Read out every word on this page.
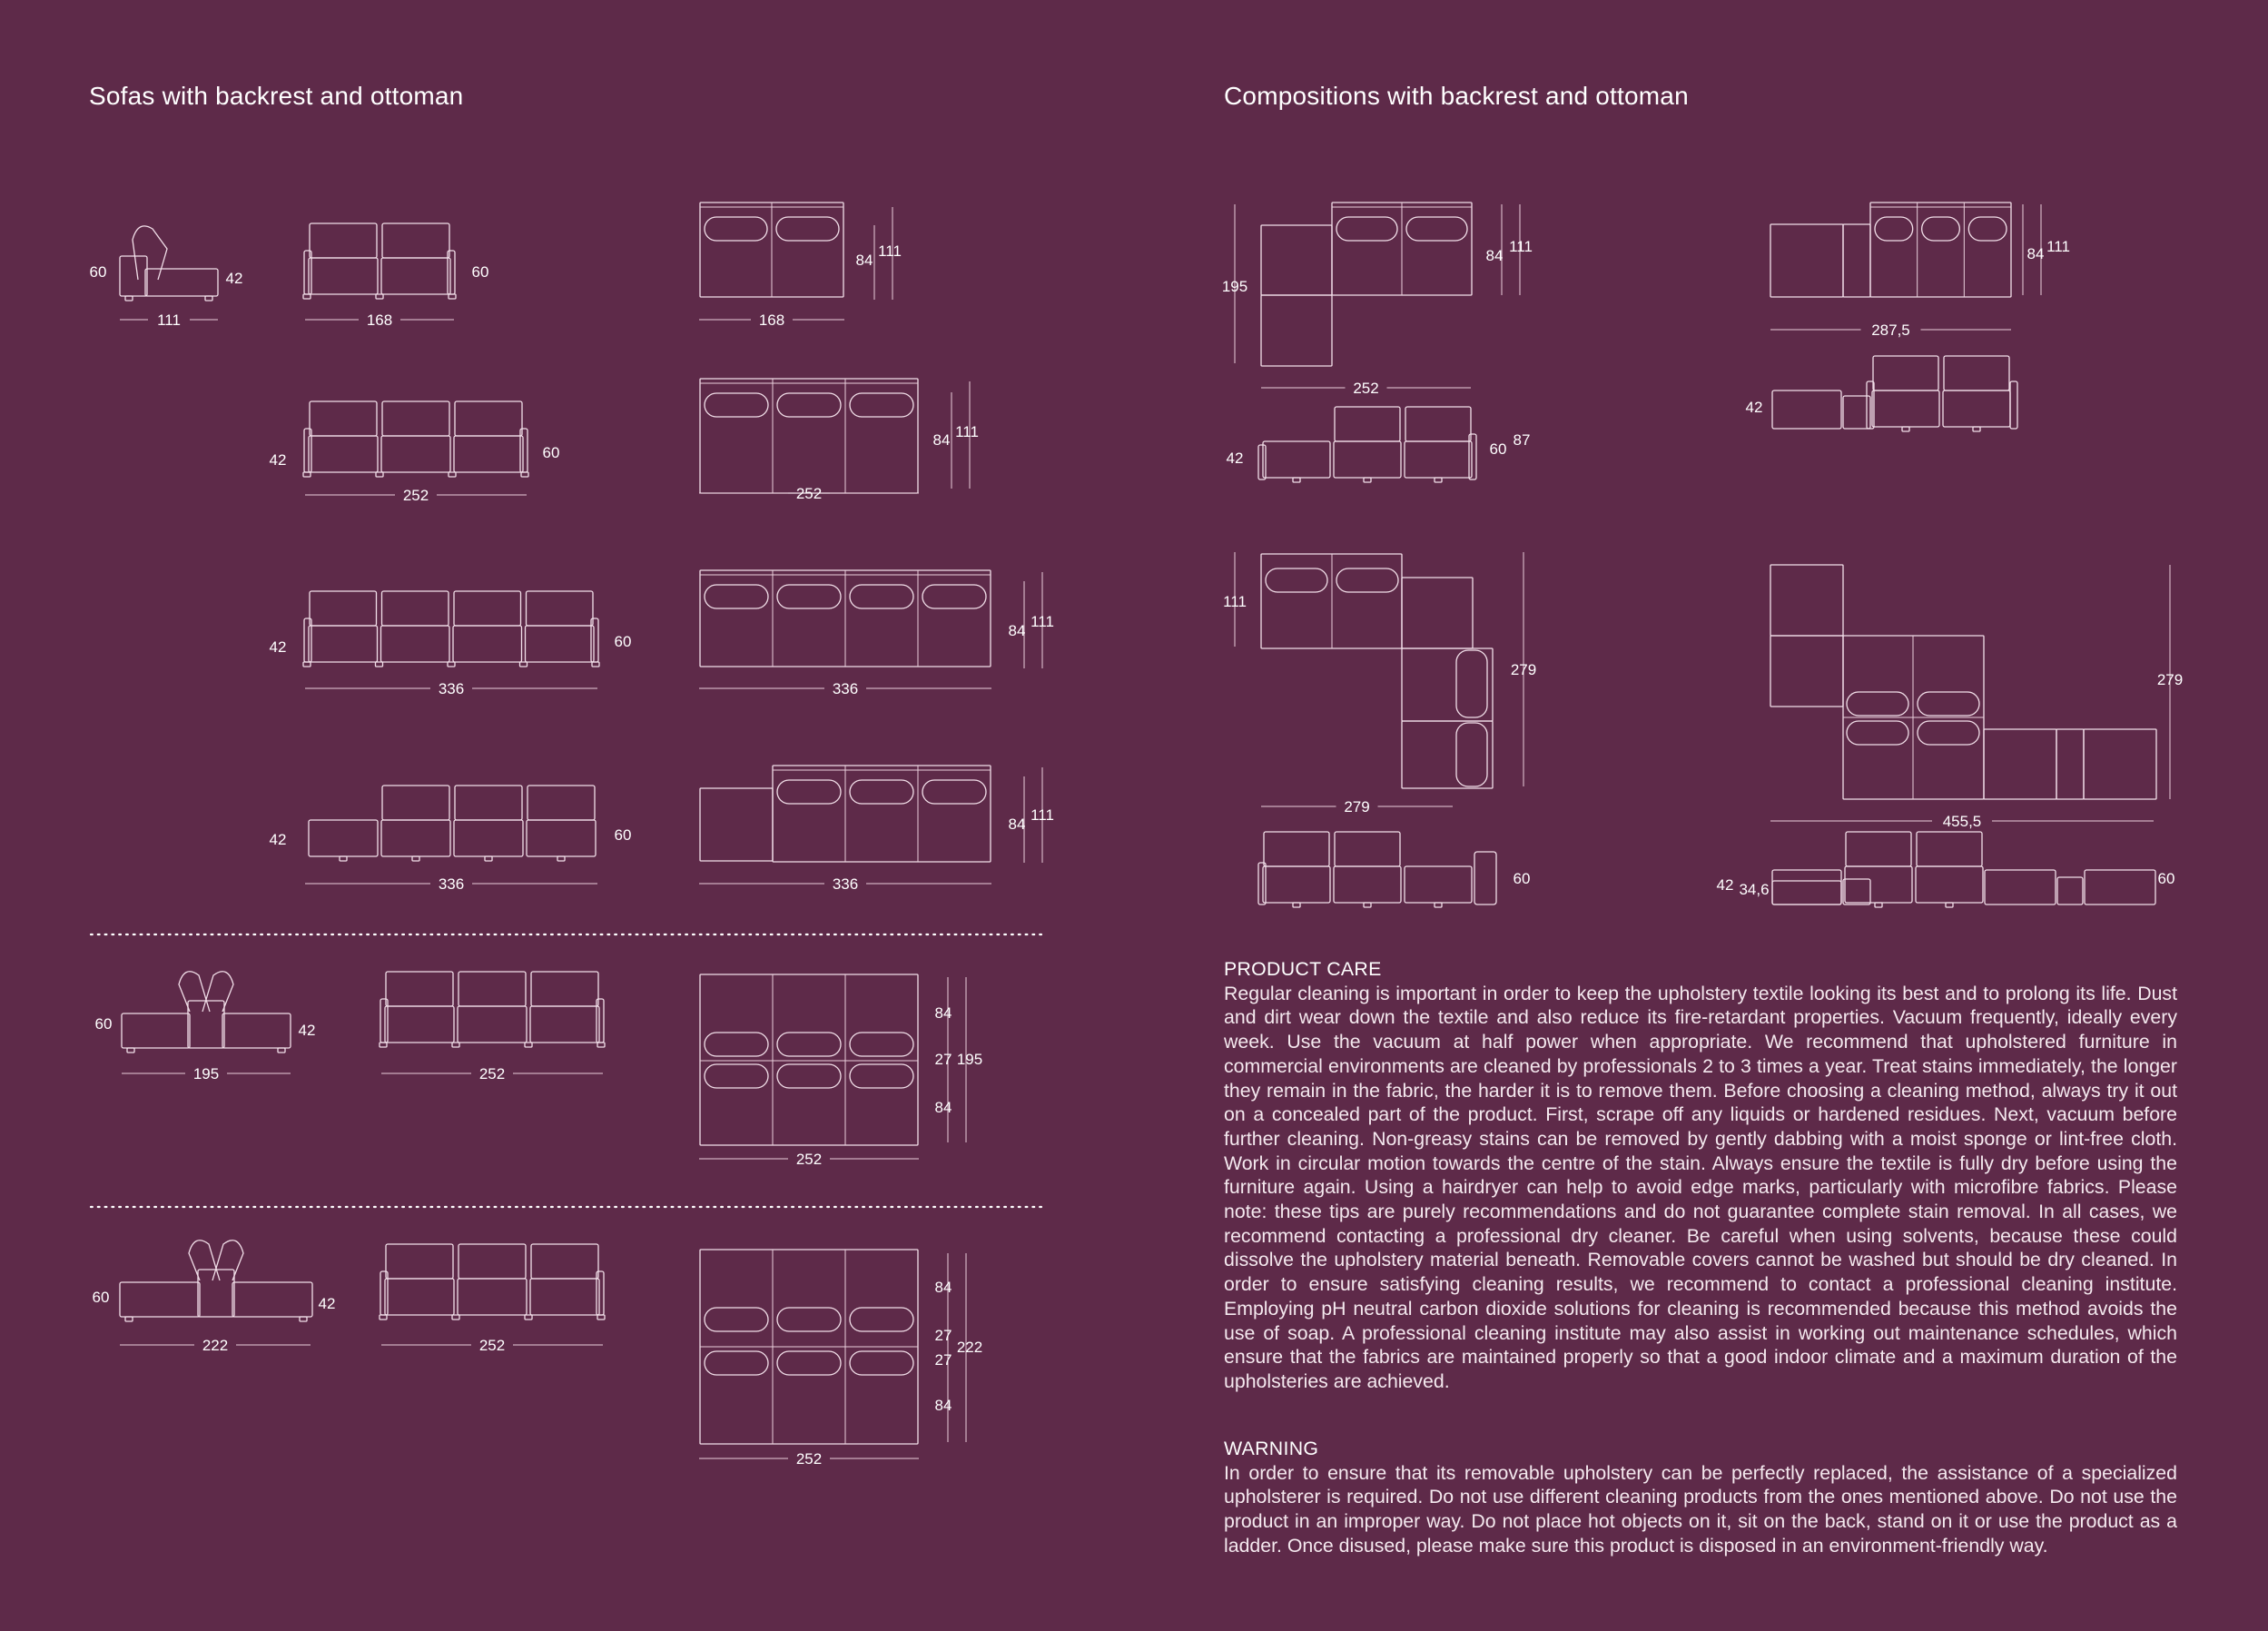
Sofas with backrest and ottoman	Compositions with backrest and ottoman
60	42
111
60
168
84
111
168
42	60
252
84 111
252
42	60
336
84
111
336
42	60
336
84
111
336
60	42
195	252
84
27 195
84
252
60	42
222	252
84
27
27
222
84
252
195
84
111
252
42
60
87
84 111
287,5
42
111
279
279
60
279
455,5
42 34,6
60
PRODUCT CARE

Regular cleaning is important in order to keep the upholstery textile looking its best and to prolong its life. Dust and dirt wear down the textile and also reduce its fire-retardant properties. Vacuum frequently, ideally every week. Use the vacuum at half power when appropriate. We recommend that upholstered furniture in commercial environments are cleaned by professionals 2 to 3 times a year. Treat stains immediately, the longer they remain in the fabric, the harder it is to remove them. Before choosing a cleaning method, always try it out on a concealed part of the product. First, scrape off any liquids or hardened residues. Next, vacuum before further cleaning. Non-greasy stains can be removed by gently dabbing with a moist sponge or lint-free cloth. Work in circular motion towards the centre of the stain. Always ensure the textile is fully dry before using the furniture again. Using a hairdryer can help to avoid edge marks, particularly with microfibre fabrics. Please note: these tips are purely recommendations and do not guarantee complete stain removal. In all cases, we recommend contacting a professional dry cleaner. Be careful when using solvents, because these could dissolve the upholstery material beneath. Removable covers cannot be washed but should be dry cleaned. In order to ensure satisfying cleaning results, we recommend to contact a professional cleaning institute. Employing pH neutral carbon dioxide solutions for cleaning is recommended because this method avoids the use of soap. A professional cleaning institute may also assist in working out maintenance schedules, which ensure that the fabrics are maintained properly so that a good indoor climate and a maximum duration of the upholsteries are achieved.

WARNING

In order to ensure that its removable upholstery can be perfectly replaced, the assistance of a specialized upholsterer is required. Do not use different cleaning products from the ones mentioned above. Do not use the product in an improper way. Do not place hot objects on it, sit on the back, stand on it or use the product as a ladder. Once disused, please make sure this product is disposed in an environment-friendly way.
